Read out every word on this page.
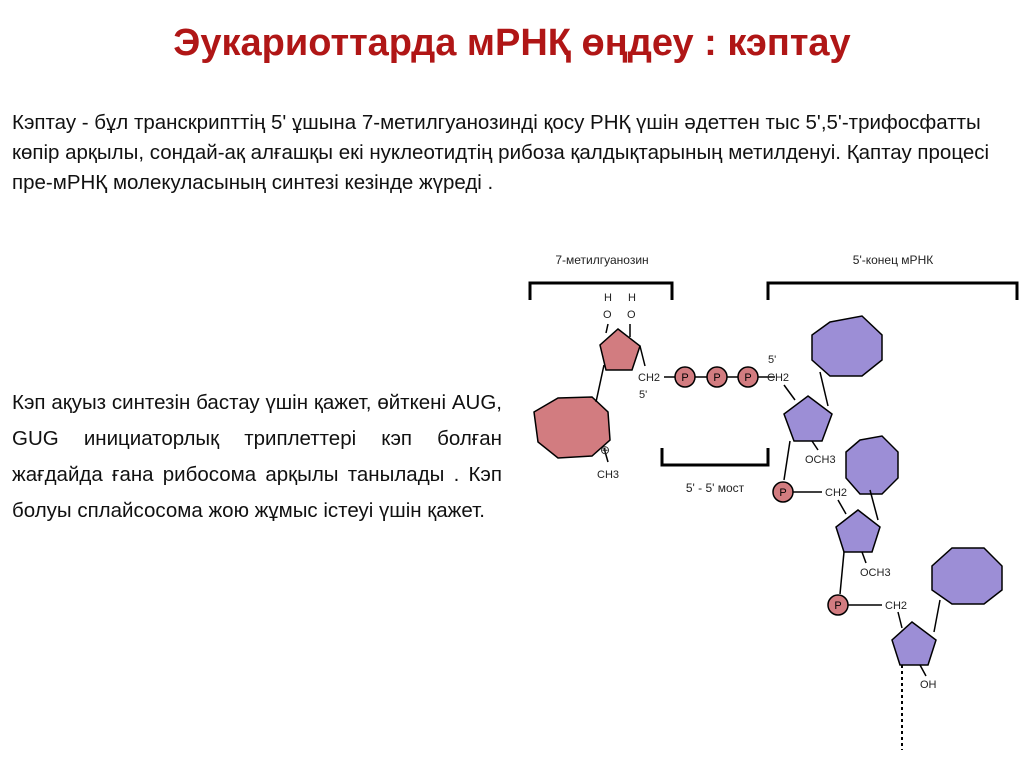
Эукариоттарда мРНҚ өңдеу : кэптау
Кэптау - бұл транскрипттің 5' ұшына 7-метилгуанозинді қосу РНҚ үшін әдеттен тыс 5',5'-трифосфатты көпір арқылы, сондай-ақ алғашқы екі нуклеотидтің рибоза қалдықтарының метилденуі. Қаптау процесі пре-мРНҚ молекуласының синтезі кезінде жүреді .
Кэп ақуыз синтезін бастау үшін қажет, өйткені AUG, GUG инициаторлық триплеттері кэп болған жағдайда ғана рибосома арқылы танылады . Кэп болуы сплайсосома жою жұмыс істеуі үшін қажет.
7-метилгуанозин	5'-конец мРНК
5' - 5' мост
H
O
H
O
⊕
CH3
CH2
5'
P P P CH2
5'
OCH3
P	CH2
OCH3
P	CH2
OH
